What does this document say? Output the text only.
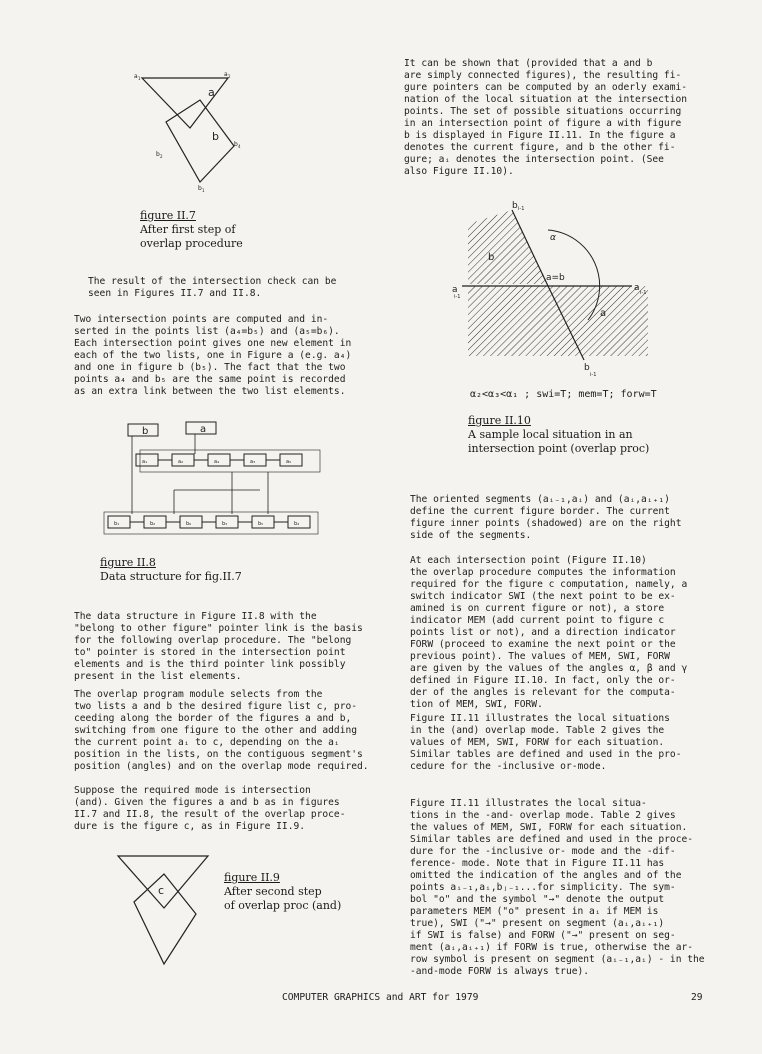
a 1
a 2
a
b
b 2
b 4
b 1
figure II.7
After first step of
overlap procedure

The result of the intersection check can be
seen in Figures II.7 and II.8.

Two intersection points are computed and in-
serted in the points list (a₄=b₅) and (a₅=b₆).
Each intersection point gives one new element in
each of the two lists, one in Figure a (e.g. a₄)
and one in figure b (b₅). The fact that the two
points a₄ and b₅ are the same point is recorded
as an extra link between the two list elements.

b	a
a₁	a₂	a₄	a₃	a₅
b₁	b₂	b₆	b₃	b₅	b₄
figure II.8
Data structure for fig.II.7

The data structure in Figure II.8 with the
"belong to other figure" pointer link is the basis
for the following overlap procedure. The "belong
to" pointer is stored in the intersection point
elements and is the third pointer link possibly
present in the list elements.

The overlap program module selects from the
two lists a and b the desired figure list c, pro-
ceeding along the border of the figures a and b,
switching from one figure to the other and adding
the current point aᵢ to c, depending on the aᵢ
position in the lists, on the contiguous segment's
position (angles) and on the overlap mode required.

Suppose the required mode is intersection
(and). Given the figures a and b as in figures
II.7 and II.8, the result of the overlap proce-
dure is the figure c, as in Figure II.9.

c
figure II.9
After second step
of overlap proc (and)

It can be shown that (provided that a and b
are simply connected figures), the resulting fi-
gure pointers can be computed by an oderly exami-
nation of the local situation at the intersection
points. The set of possible situations occurring
in an intersection point of figure a with figure
b is displayed in Figure II.11. In the figure a
denotes the current figure, and b the other fi-
gure; aᵢ denotes the intersection point. (See
also Figure II.10).

b i-1
α
b
a=b
a
i-1
a i-1
a
b
i-1
α₂<α₃<α₁ ; swi=T; mem=T; forw=T
figure II.10
A sample local situation in an
intersection point (overlap proc)

The oriented segments (aᵢ₋₁,aᵢ) and (aᵢ,aᵢ₊₁)
define the current figure border. The current
figure inner points (shadowed) are on the right
side of the segments.

At each intersection point (Figure II.10)
the overlap procedure computes the information
required for the figure c computation, namely, a
switch indicator SWI (the next point to be ex-
amined is on current figure or not), a store
indicator MEM (add current point to figure c
points list or not), and a direction indicator
FORW (proceed to examine the next point or the
previous point). The values of MEM, SWI, FORW
are given by the values of the angles α, β and γ
defined in Figure II.10. In fact, only the or-
der of the angles is relevant for the computa-
tion of MEM, SWI, FORW.

Figure II.11 illustrates the local situations
in the (and) overlap mode. Table 2 gives the
values of MEM, SWI, FORW for each situation.
Similar tables are defined and used in the pro-
cedure for the -inclusive or-mode.

Figure II.11 illustrates the local situa-
tions in the -and- overlap mode. Table 2 gives
the values of MEM, SWI, FORW for each situation.
Similar tables are defined and used in the proce-
dure for the -inclusive or- mode and the -dif-
ference- mode. Note that in Figure II.11 has
omitted the indication of the angles and of the
points aᵢ₋₁,aᵢ,bⱼ₋₁...for simplicity. The sym-
bol "o" and the symbol "→" denote the output
parameters MEM ("o" present in aᵢ if MEM is
true), SWI ("→" present on segment (aᵢ,aᵢ₊₁)
if SWI is false) and FORW ("→" present on seg-
ment (aᵢ,aᵢ₊₁) if FORW is true, otherwise the ar-
row symbol is present on segment (aᵢ₋₁,aᵢ) - in the
-and-mode FORW is always true).

COMPUTER GRAPHICS and ART for 1979	29
